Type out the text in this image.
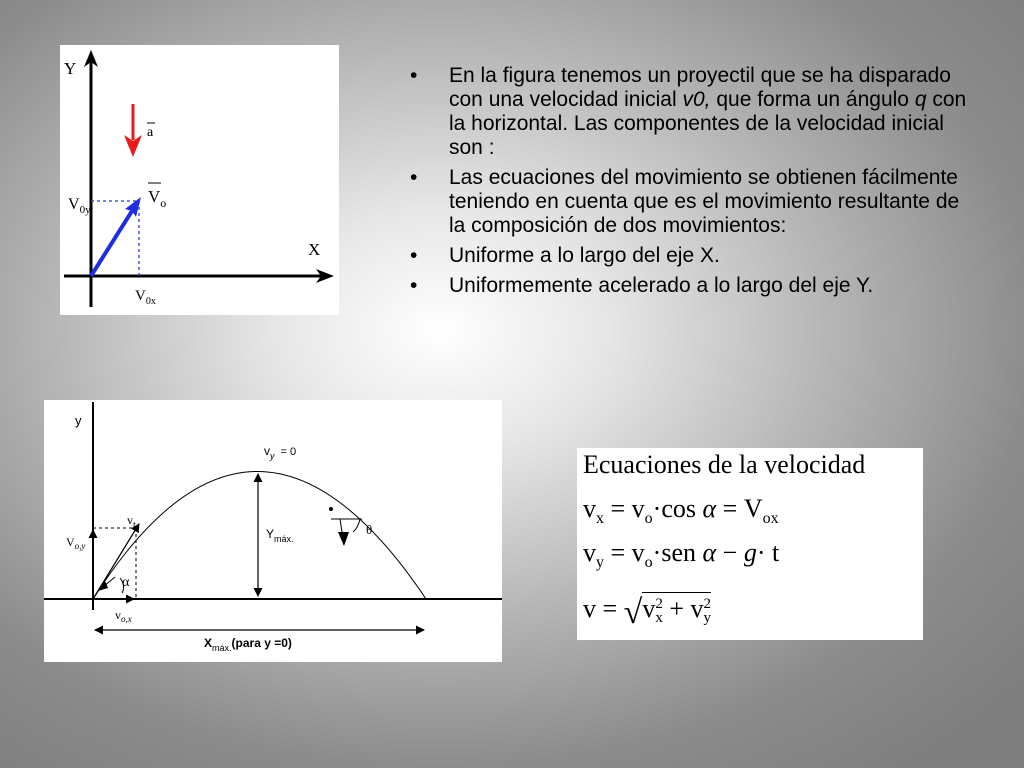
Y
X
a
$V_o$
$V_{0y}$
$V_{0x}$
• En la figura tenemos un proyectil que se ha disparado con una velocidad inicial v0, que forma un ángulo q con la horizontal. Las componentes de la velocidad inicial son :
• Las ecuaciones del movimiento se obtienen fácilmente teniendo en cuenta que es el movimiento resultante de la composición de dos movimientos:
• Uniforme a lo largo del eje X.
• Uniformemente acelerado a lo largo del eje Y.
y
α
$v_t$
$V_{o,y}$
$v_{o,x}$
$v_y = 0$
$Y_{máx.}$
θ
$X_{máx.}(para$ y =0)
Ecuaciones de la velocidad
$v_x = v_o\cdot\cos$ $\alpha = V_{ox}$
$v_y = v_o\cdot sen$ α − g· t
v = √v 2
x + v 2
y
